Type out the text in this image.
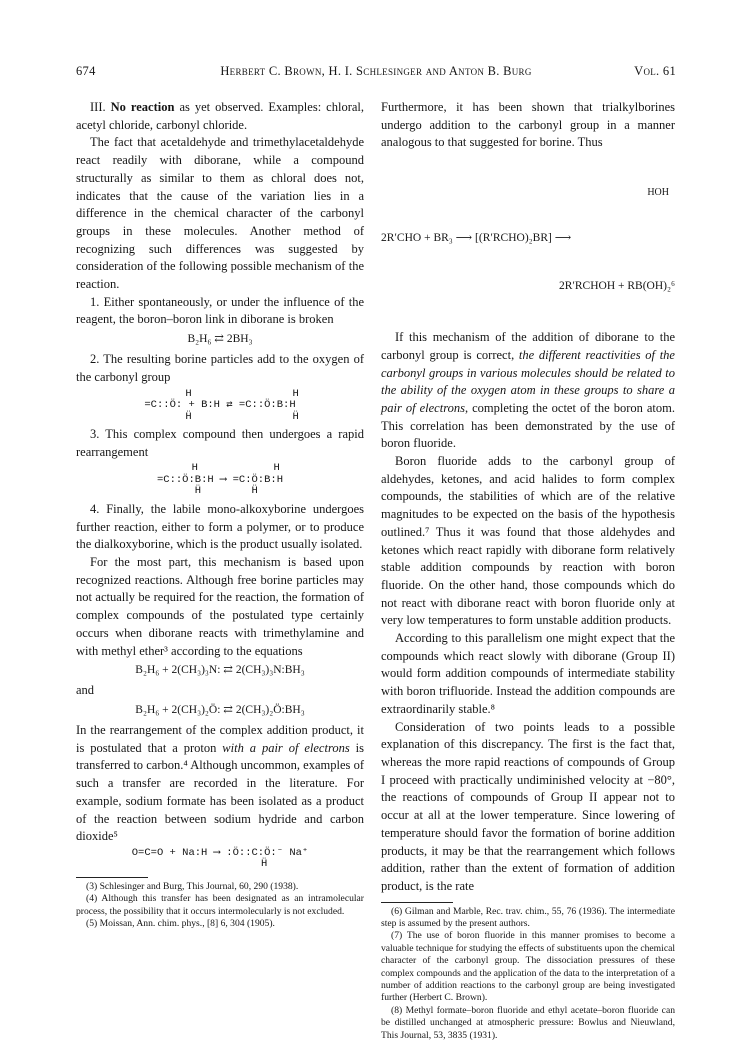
674	Herbert C. Brown, H. I. Schlesinger and Anton B. Burg	Vol. 61

III. No reaction as yet observed. Examples: chloral, acetyl chloride, carbonyl chloride.

The fact that acetaldehyde and trimethylacetaldehyde react readily with diborane, while a compound structurally as similar to them as chloral does not, indicates that the cause of the variation lies in a difference in the chemical character of the carbonyl groups in these molecules. Another method of recognizing such differences was suggested by consideration of the following possible mechanism of the reaction.

1. Either spontaneously, or under the influence of the reagent, the boron–boron link in diborane is broken

B₂H₆ ⇄ 2BH₃

2. The resulting borine particles add to the oxygen of the carbonyl group

H                H
=C::Ö: + B:H ⇄ =C::Ö:B:H
Ḧ                Ḧ

3. This complex compound then undergoes a rapid rearrangement

H            H
=C::Ö:B:H ⟶ =C:Ö:B:H
Ḧ        Ḧ

4. Finally, the labile mono-alkoxyborine undergoes further reaction, either to form a polymer, or to produce the dialkoxyborine, which is the product usually isolated.

For the most part, this mechanism is based upon recognized reactions. Although free borine particles may not actually be required for the reaction, the formation of complex compounds of the postulated type certainly occurs when diborane reacts with trimethylamine and with methyl ether³ according to the equations

B₂H₆ + 2(CH₃)₃N: ⇄ 2(CH₃)₃N:BH₃
and
B₂H₆ + 2(CH₃)₂Ö: ⇄ 2(CH₃)₂Ö:BH₃

In the rearrangement of the complex addition product, it is postulated that a proton with a pair of electrons is transferred to carbon.⁴ Although uncommon, examples of such a transfer are recorded in the literature. For example, sodium formate has been isolated as a product of the reaction between sodium hydride and carbon dioxide⁵

O=C=O + Na:H ⟶ :Ö::C:Ö:⁻ Na⁺
Ḧ

(3) Schlesinger and Burg, This Journal, 60, 290 (1938).

(4) Although this transfer has been designated as an intramolecular process, the possibility that it occurs intermolecularly is not excluded.

(5) Moissan, Ann. chim. phys., [8] 6, 304 (1905).

Furthermore, it has been shown that trialkylborines undergo addition to the carbonyl group in a manner analogous to that suggested for borine. Thus

HOH

2R′CHO + BR₃ ⟶ [(R′RCHO)₂BR] ⟶

2R′RCHOH + RB(OH)₂⁶

If this mechanism of the addition of diborane to the carbonyl group is correct, the different reactivities of the carbonyl groups in various molecules should be related to the ability of the oxygen atom in these groups to share a pair of electrons, completing the octet of the boron atom. This correlation has been demonstrated by the use of boron fluoride.

Boron fluoride adds to the carbonyl group of aldehydes, ketones, and acid halides to form complex compounds, the stabilities of which are of the relative magnitudes to be expected on the basis of the hypothesis outlined.⁷ Thus it was found that those aldehydes and ketones which react rapidly with diborane form relatively stable addition compounds by reaction with boron fluoride. On the other hand, those compounds which do not react with diborane react with boron fluoride only at very low temperatures to form unstable addition products.

According to this parallelism one might expect that the compounds which react slowly with diborane (Group II) would form addition compounds of intermediate stability with boron trifluoride. Instead the addition compounds are extraordinarily stable.⁸

Consideration of two points leads to a possible explanation of this discrepancy. The first is the fact that, whereas the more rapid reactions of compounds of Group I proceed with practically undiminished velocity at −80°, the reactions of compounds of Group II appear not to occur at all at the lower temperature. Since lowering of temperature should favor the formation of borine addition products, it may be that the rearrangement which follows addition, rather than the extent of formation of addition product, is the rate

(6) Gilman and Marble, Rec. trav. chim., 55, 76 (1936). The intermediate step is assumed by the present authors.

(7) The use of boron fluoride in this manner promises to become a valuable technique for studying the effects of substituents upon the chemical character of the carbonyl group. The dissociation pressures of these complex compounds and the application of the data to the interpretation of a number of addition reactions to the carbonyl group are being investigated further (Herbert C. Brown).

(8) Methyl formate–boron fluoride and ethyl acetate–boron fluoride can be distilled unchanged at atmospheric pressure: Bowlus and Nieuwland, This Journal, 53, 3835 (1931).
